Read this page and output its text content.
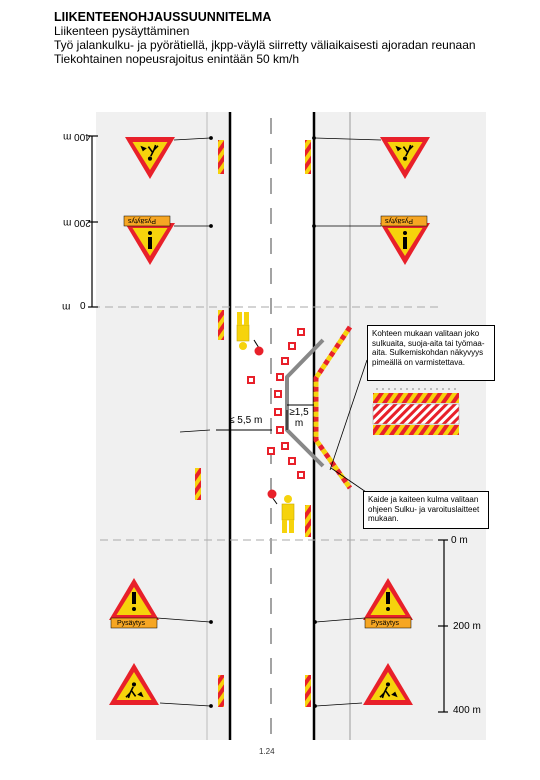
LIIKENTEENOHJAUSSUUNNITELMA
Liikenteen pysäyttäminen
Työ jalankulku- ja pyörätiellä, jkpp-väylä siirretty väliaikaisesti ajoradan reunaan
Tiekohtainen nopeusrajoitus enintään 50 km/h
400 m
200 m
0
m
0 m
200 m
400 m
Pysäytys	Pysäytys
Pysäytys	Pysäytys
≤ 5,5 m
≥1,5 m
Kohteen mukaan valitaan joko sulkuaita, suoja-aita tai työmaa-aita. Sulkemiskohdan näkyvyys pimeällä on varmistettava.
Kaide ja kaiteen kulma valitaan ohjeen Sulku- ja varoituslaitteet mukaan.
1.24
